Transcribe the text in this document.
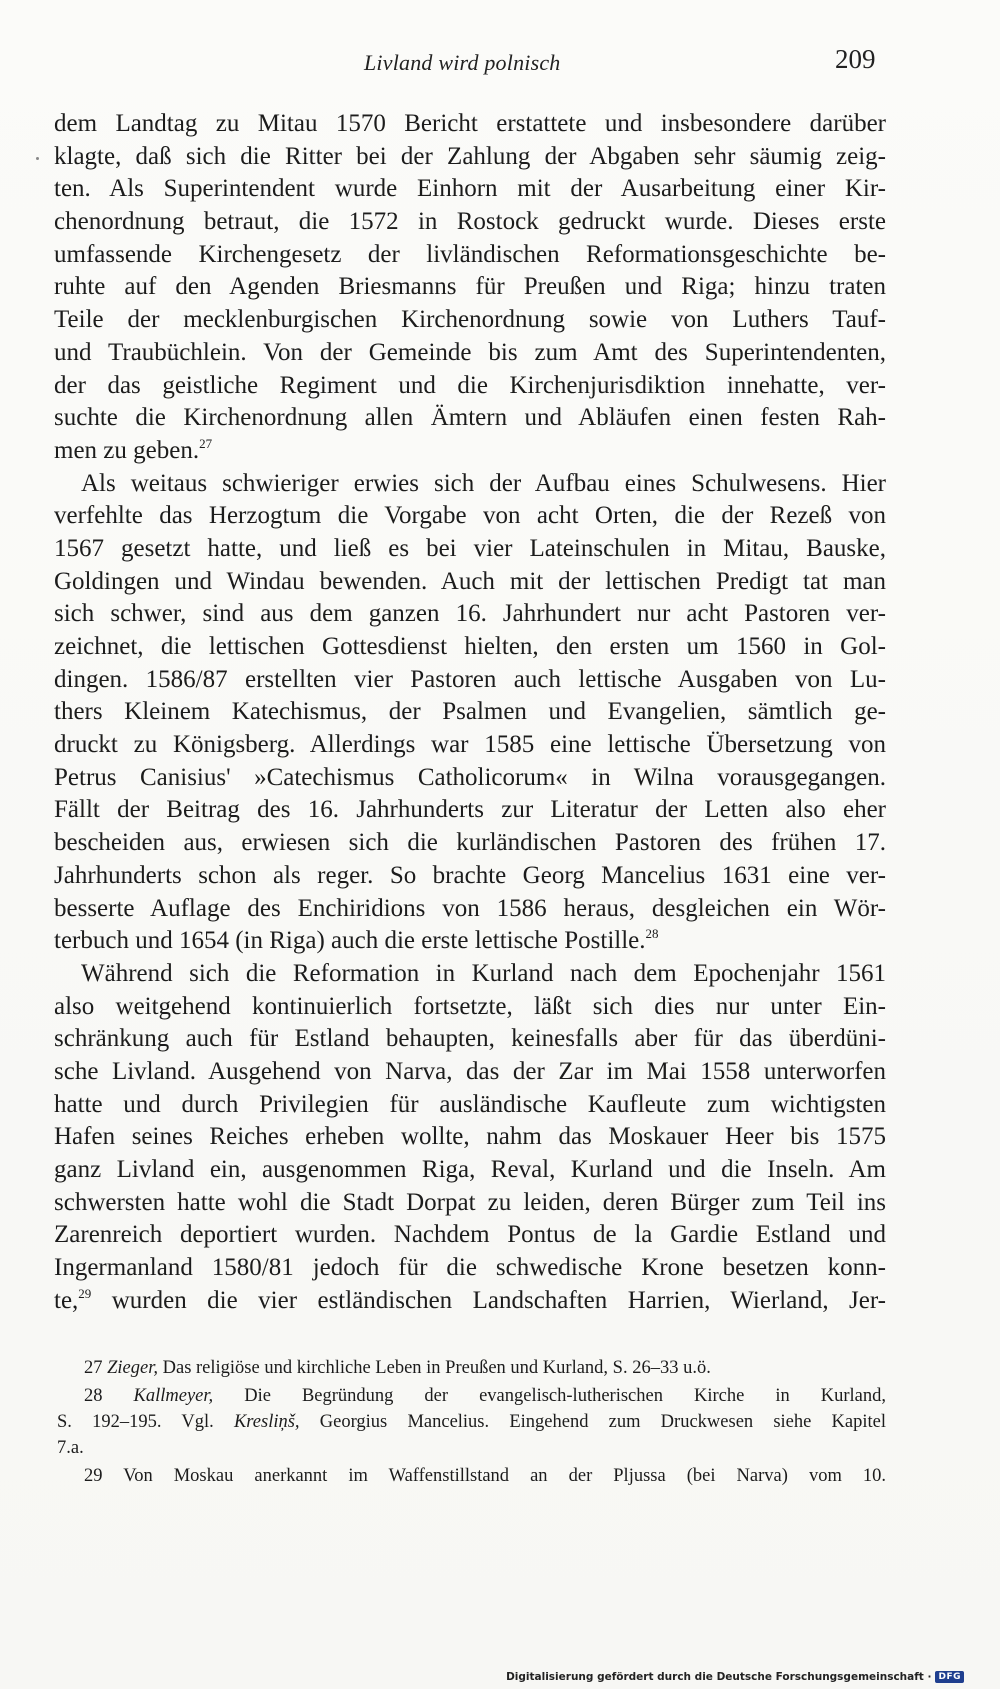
Livland wird polnisch	209
dem Landtag zu Mitau 1570 Bericht erstattete und insbesondere darüber
klagte, daß sich die Ritter bei der Zahlung der Abgaben sehr säumig zeig-
ten. Als Superintendent wurde Einhorn mit der Ausarbeitung einer Kir-
chenordnung betraut, die 1572 in Rostock gedruckt wurde. Dieses erste
umfassende Kirchengesetz der livländischen Reformationsgeschichte be-
ruhte auf den Agenden Briesmanns für Preußen und Riga; hinzu traten
Teile der mecklenburgischen Kirchenordnung sowie von Luthers Tauf-
und Traubüchlein. Von der Gemeinde bis zum Amt des Superintendenten,
der das geistliche Regiment und die Kirchenjurisdiktion innehatte, ver-
suchte die Kirchenordnung allen Ämtern und Abläufen einen festen Rah-
men zu geben.$^{27}$
Als weitaus schwieriger erwies sich der Aufbau eines Schulwesens. Hier
verfehlte das Herzogtum die Vorgabe von acht Orten, die der Rezeß von
1567 gesetzt hatte, und ließ es bei vier Lateinschulen in Mitau, Bauske,
Goldingen und Windau bewenden. Auch mit der lettischen Predigt tat man
sich schwer, sind aus dem ganzen 16. Jahrhundert nur acht Pastoren ver-
zeichnet, die lettischen Gottesdienst hielten, den ersten um 1560 in Gol-
dingen. 1586/87 erstellten vier Pastoren auch lettische Ausgaben von Lu-
thers Kleinem Katechismus, der Psalmen und Evangelien, sämtlich ge-
druckt zu Königsberg. Allerdings war 1585 eine lettische Übersetzung von
Petrus Canisius' »Catechismus Catholicorum« in Wilna vorausgegangen.
Fällt der Beitrag des 16. Jahrhunderts zur Literatur der Letten also eher
bescheiden aus, erwiesen sich die kurländischen Pastoren des frühen 17.
Jahrhunderts schon als reger. So brachte Georg Mancelius 1631 eine ver-
besserte Auflage des Enchiridions von 1586 heraus, desgleichen ein Wör-
terbuch und 1654 (in Riga) auch die erste lettische Postille.$^{28}$
Während sich die Reformation in Kurland nach dem Epochenjahr 1561
also weitgehend kontinuierlich fortsetzte, läßt sich dies nur unter Ein-
schränkung auch für Estland behaupten, keinesfalls aber für das überdüni-
sche Livland. Ausgehend von Narva, das der Zar im Mai 1558 unterworfen
hatte und durch Privilegien für ausländische Kaufleute zum wichtigsten
Hafen seines Reiches erheben wollte, nahm das Moskauer Heer bis 1575
ganz Livland ein, ausgenommen Riga, Reval, Kurland und die Inseln. Am
schwersten hatte wohl die Stadt Dorpat zu leiden, deren Bürger zum Teil ins
Zarenreich deportiert wurden. Nachdem Pontus de la Gardie Estland und
Ingermanland 1580/81 jedoch für die schwedische Krone besetzen konn-
te,$^{29}$ wurden die vier estländischen Landschaften Harrien, Wierland, Jer-
27 Zieger, Das religiöse und kirchliche Leben in Preußen und Kurland, S. 26–33 u.ö.
28 Kallmeyer, Die Begründung der evangelisch-lutherischen Kirche in Kurland,
S. 192–195. Vgl. Kresliņš, Georgius Mancelius. Eingehend zum Druckwesen siehe Kapitel
7.a.
29 Von Moskau anerkannt im Waffenstillstand an der Pljussa (bei Narva) vom 10.
Digitalisierung gefördert durch die Deutsche Forschungsgemeinschaft · DFG
